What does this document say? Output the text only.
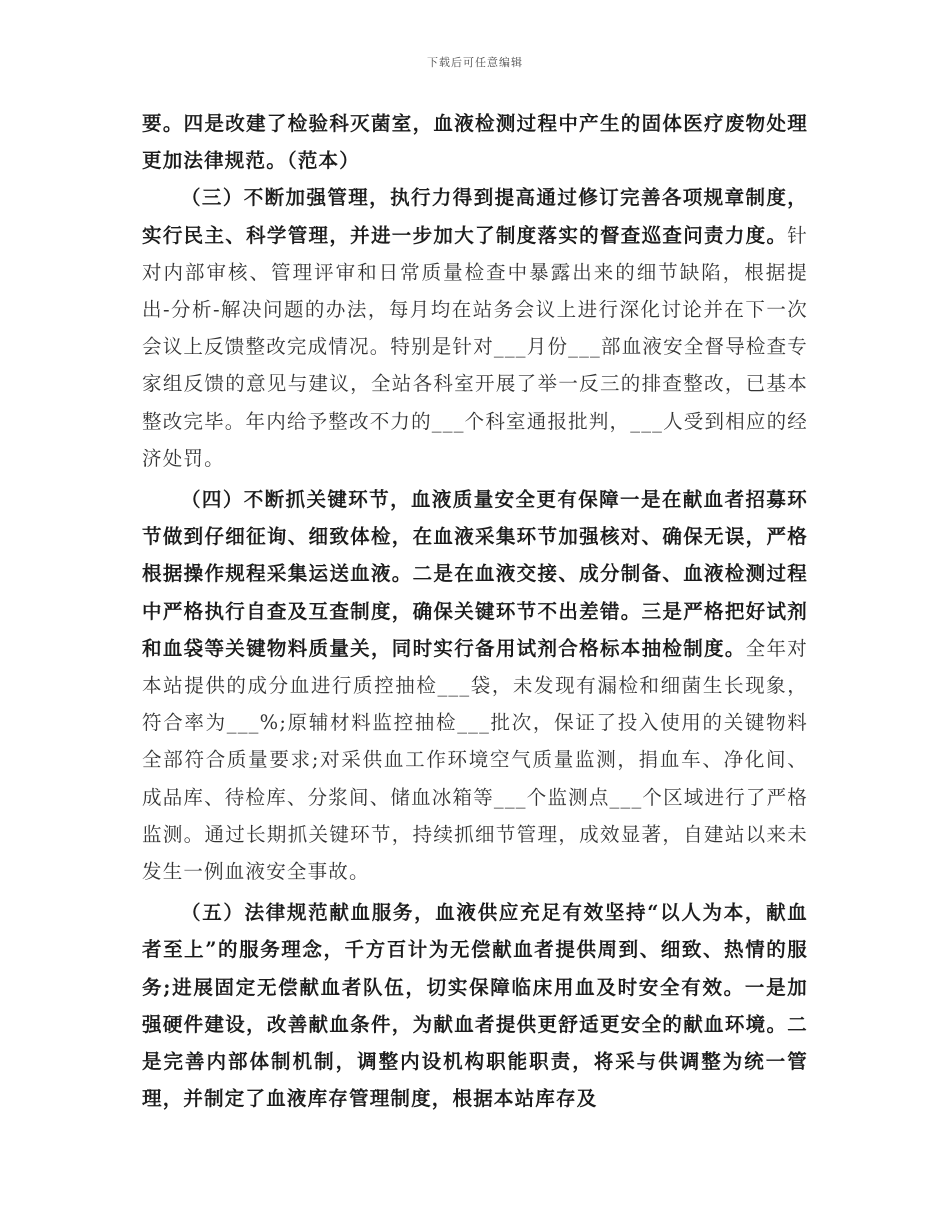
下载后可任意编辑

要。四是改建了检验科灭菌室，血液检测过程中产生的固体医疗废物处理更加法律规范。（范本）

（三）不断加强管理，执行力得到提高通过修订完善各项规章制度，实行民主、科学管理，并进一步加大了制度落实的督查巡查问责力度。针对内部审核、管理评审和日常质量检查中暴露出来的细节缺陷，根据提出-分析-解决问题的办法，每月均在站务会议上进行深化讨论并在下一次会议上反馈整改完成情况。特别是针对___月份___部血液安全督导检查专家组反馈的意见与建议，全站各科室开展了举一反三的排查整改，已基本整改完毕。年内给予整改不力的___个科室通报批判，___人受到相应的经济处罚。

（四）不断抓关键环节，血液质量安全更有保障一是在献血者招募环节做到仔细征询、细致体检，在血液采集环节加强核对、确保无误，严格根据操作规程采集运送血液。二是在血液交接、成分制备、血液检测过程中严格执行自查及互查制度，确保关键环节不出差错。三是严格把好试剂和血袋等关键物料质量关，同时实行备用试剂合格标本抽检制度。全年对本站提供的成分血进行质控抽检___袋，未发现有漏检和细菌生长现象，符合率为___%;原辅材料监控抽检___批次，保证了投入使用的关键物料全部符合质量要求;对采供血工作环境空气质量监测，捐血车、净化间、成品库、待检库、分浆间、储血冰箱等___个监测点___个区域进行了严格监测。通过长期抓关键环节，持续抓细节管理，成效显著，自建站以来未发生一例血液安全事故。

（五）法律规范献血服务，血液供应充足有效坚持“以人为本，献血者至上”的服务理念，千方百计为无偿献血者提供周到、细致、热情的服务;进展固定无偿献血者队伍，切实保障临床用血及时安全有效。一是加强硬件建设，改善献血条件，为献血者提供更舒适更安全的献血环境。二是完善内部体制机制，调整内设机构职能职责，将采与供调整为统一管理，并制定了血液库存管理制度，根据本站库存及
